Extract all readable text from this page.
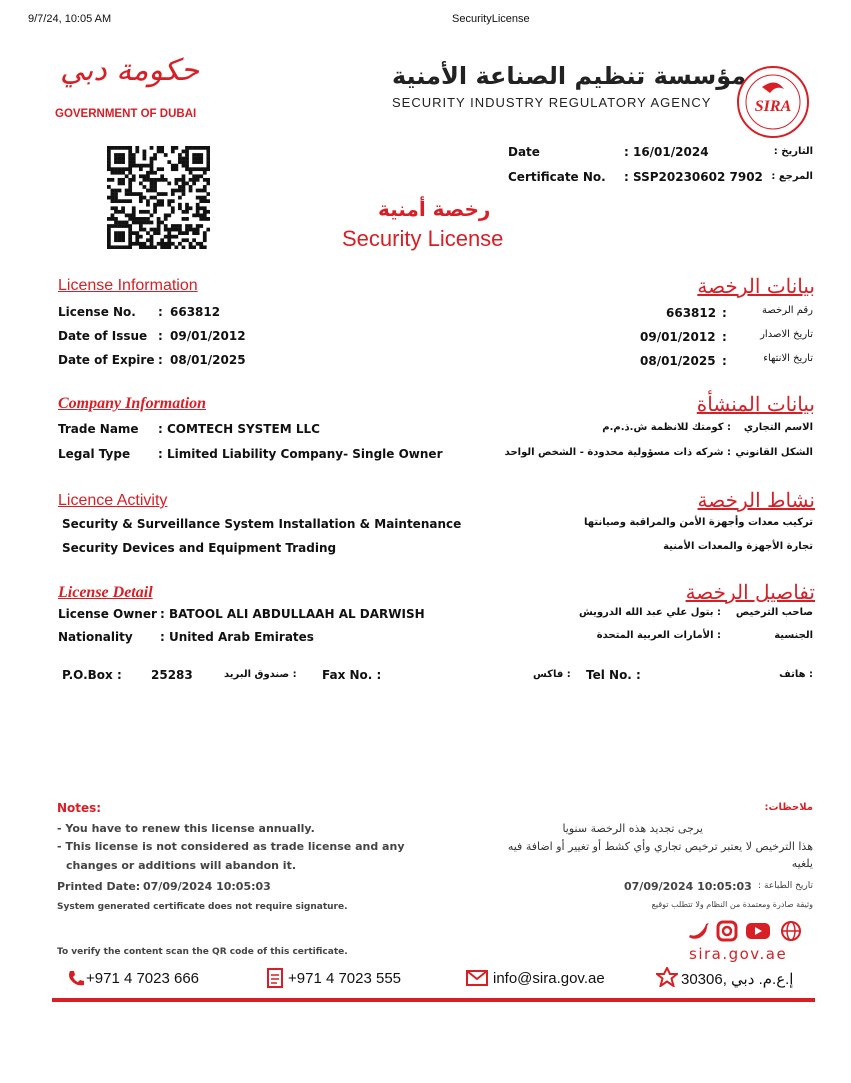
9/7/24, 10:05 AM	SecurityLicense
حكومة دبي
GOVERNMENT OF DUBAI
مؤسسة تنظيم الصناعة الأمنية
SECURITY INDUSTRY REGULATORY AGENCY	SIRA
Date	: 16/01/2024	التاريخ :
Certificate No. : SSP20230602 7902 المرجع :
رخصة أمنية
Security License
License Information	بيانات الرخصة
License No. : 663812	663812 :	رقم الرخصة
Date of Issue : 09/01/2012	09/01/2012 :	تاريخ الاصدار
Date of Expire : 08/01/2025	08/01/2025 :	تاريخ الانتهاء
Company Information	بيانات المنشأة
Trade Name : COMTECH SYSTEM LLC	الاسم التجاري
: كومتك للانظمة ش.ذ.م.م
Legal Type : Limited Liability Company- Single Owner	الشكل القانوني
: شركه ذات مسؤولية محدودة - الشخص الواحد
Licence Activity	نشاط الرخصة
Security & Surveillance System Installation & Maintenance	تركيب معدات وأجهزة الأمن والمراقبة وصيانتها
Security Devices and Equipment Trading	تجارة الأجهزة والمعدات الأمنية
License Detail	تفاصيل الرخصة
License Owner : BATOOL ALI ABDULLAAH AL DARWISH	صاحب الترخيص
: بتول علي عبد الله الدرويش
Nationality : United Arab Emirates	الجنسية
: الأمارات العربية المتحدة
P.O.Box : 25283	: صندوق البريد Fax No. :	: فاكس Tel No. :	: هاتف
Notes:	ملاحظات:
- You have to renew this license annually.
- This license is not considered as trade license and any
changes or additions will abandon it.
يرجى تجديد هذه الرخصة سنويا
هذا الترخيص لا يعتبر ترخيص تجاري وأي كشط أو تغيير أو اضافة فيه
يلغيه
Printed Date: 07/09/2024 10:05:03	07/09/2024 10:05:03 تاريخ الطباعة :
System generated certificate does not require signature.	وثيقة صادرة ومعتمدة من النظام ولا تتطلب توقيع
To verify the content scan the QR code of this certificate.	sira.gov.ae
+971 4 7023 666	+971 4 7023 555	info@sira.gov.ae	30306, إ.ع.م. دبي
